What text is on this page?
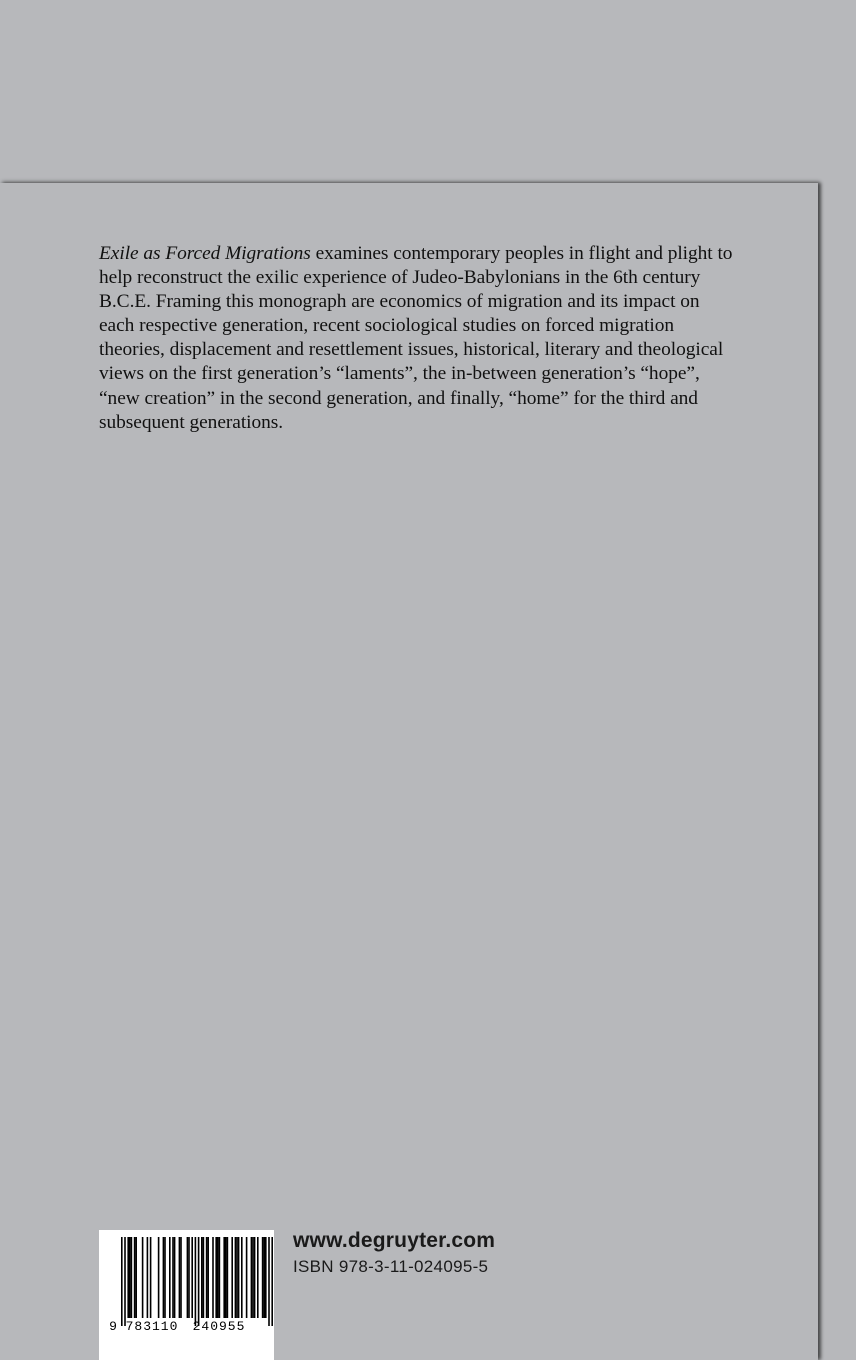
Exile as Forced Migrations examines contemporary peoples in flight and plight to help reconstruct the exilic experience of Judeo-Babylonians in the 6th century B.C.E. Framing this monograph are economics of migration and its impact on each respective generation, recent sociological studies on forced migration theories, displacement and resettlement issues, historical, literary and theological views on the first generation’s “laments”, the in-between generation’s “hope”, “new creation” in the second generation, and finally, “home” for the third and subsequent generations.

9 783110 240955
www.degruyter.com
ISBN 978-3-11-024095-5
